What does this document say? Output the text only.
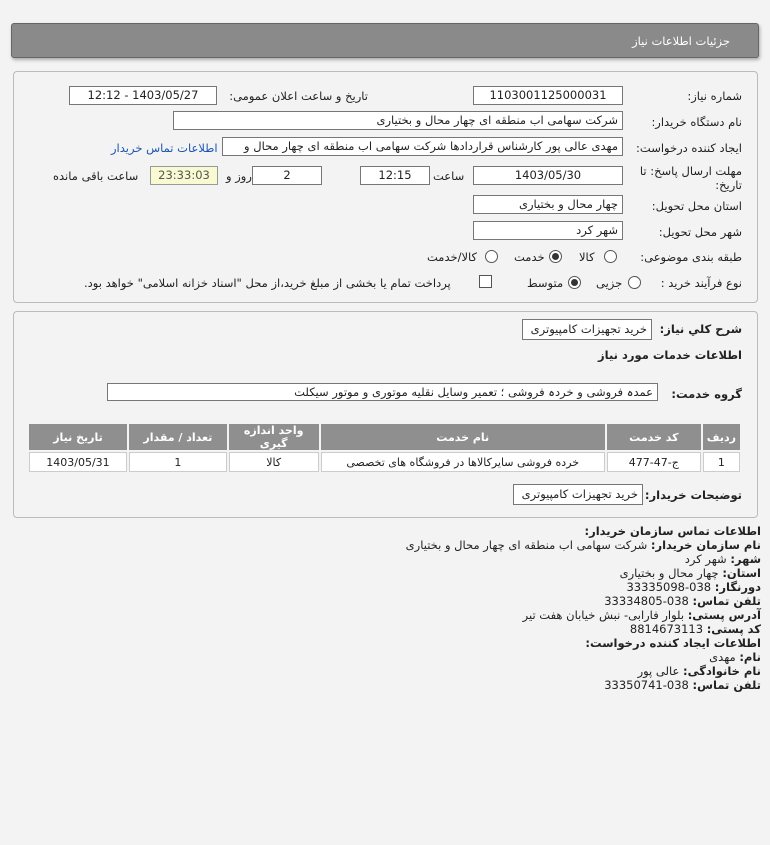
جزئیات اطلاعات نیاز
شماره نیاز:
1103001125000031
تاریخ و ساعت اعلان عمومی:
1403/05/27 - 12:12
نام دستگاه خریدار:
شرکت سهامی اب منطقه ای چهار محال و بختیاری
ایجاد کننده درخواست:
مهدی عالی پور کارشناس قراردادها شرکت سهامی اب منطقه ای چهار محال و
اطلاعات تماس خریدار
مهلت ارسال پاسخ: تا
تاریخ:
1403/05/30
ساعت
12:15
2
روز و
23:33:03
ساعت باقی مانده
استان محل تحویل:
چهار محال و بختیاری
شهر محل تحویل:
شهر کرد
طبقه بندی موضوعی:
کالا
خدمت
کالا/خدمت
نوع فرآیند خرید :
جزیی
متوسط
پرداخت تمام یا بخشی از مبلغ خرید،از محل "اسناد خزانه اسلامی" خواهد بود.
شرح کلي نياز:
خرید تجهیزات کامپیوتری
اطلاعات خدمات مورد نیاز
گروه خدمت:
عمدہ فروشی و خردہ فروشی ؛ تعمیر وسایل نقلیه موتوری و موتور سیکلت
ردیف	کد خدمت	نام خدمت	واحد اندازه گیری	تعداد / مقدار	تاریخ نیاز
1	ج-47-477	خرده فروشی سایرکالاها در فروشگاه های تخصصی	کالا	1	1403/05/31
توضیحات خریدار:
خرید تجهیزات کامپیوتری
اطلاعات تماس سازمان خریدار:
نام سازمان خریدار: شرکت سهامی اب منطقه ای چهار محال و بختیاری
شهر: شهر کرد
استان: چهار محال و بختیاری
دورنگار: 038-33335098
تلفن تماس: 038-33334805
آدرس پستی: بلوار فارابی- نبش خیابان هفت تیر
کد پستی: 8814673113
اطلاعات ایجاد کننده درخواست:
نام: مهدی
نام خانوادگی: عالی پور
تلفن تماس: 038-33350741
